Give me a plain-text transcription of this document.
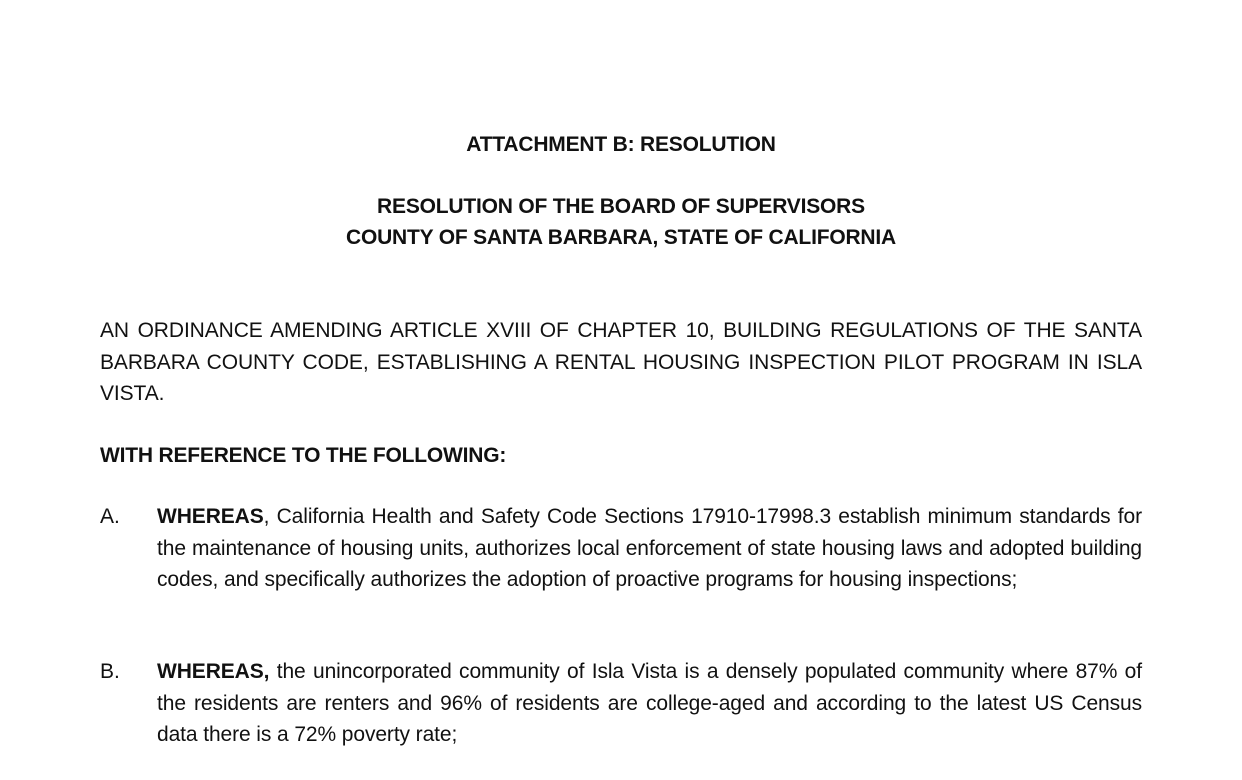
ATTACHMENT B: RESOLUTION
RESOLUTION OF THE BOARD OF SUPERVISORS
COUNTY OF SANTA BARBARA, STATE OF CALIFORNIA
AN ORDINANCE AMENDING ARTICLE XVIII OF CHAPTER 10, BUILDING REGULATIONS OF THE SANTA BARBARA COUNTY CODE, ESTABLISHING A RENTAL HOUSING INSPECTION PILOT PROGRAM IN ISLA VISTA.
WITH REFERENCE TO THE FOLLOWING:
A. WHEREAS, California Health and Safety Code Sections 17910-17998.3 establish minimum standards for the maintenance of housing units, authorizes local enforcement of state housing laws and adopted building codes, and specifically authorizes the adoption of proactive programs for housing inspections;
B. WHEREAS, the unincorporated community of Isla Vista is a densely populated community where 87% of the residents are renters and 96% of residents are college-aged and according to the latest US Census data there is a 72% poverty rate;
